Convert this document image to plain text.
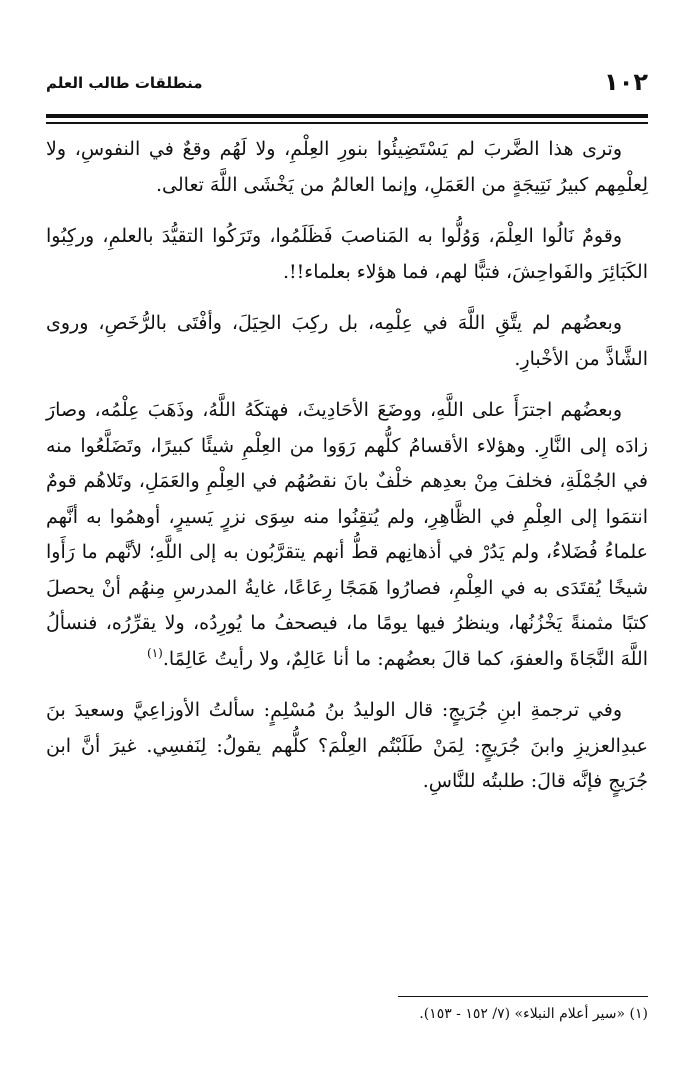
١٠٢
منطلقات طالب العلم

وترى هذا الضَّربَ لم يَسْتَضِيئُوا بنورِ العِلْمِ، ولا لَهُم وقعٌ في النفوسِ، ولا لِعلْمِهم كبيرُ نَتِيجَةٍ من العَمَلِ، وإنما العالمُ من يَخْشَى اللَّهَ تعالى.

وقومٌ نَالُوا العِلْمَ، وَوُلُّوا به المَناصبَ فَظَلَمُوا، وتَرَكُوا التقيُّدَ بالعلمِ، وركِبُوا الكَبَائِرَ والفَواحِشَ، فتبًّا لهم، فما هؤلاء بعلماء!!.

وبعضُهم لم يتَّقِ اللَّهَ في عِلْمِه، بل ركِبَ الحِيَلَ، وأفْتَى بالرُّخَصِ، وروى الشَّاذَّ من الأخْبارِ.

وبعضُهم اجترَأَ على اللَّهِ، ووضَعَ الأحَادِيثَ، فهتكَهُ اللَّهُ، وذَهَبَ عِلْمُه، وصارَ زادَه إلى النَّارِ. وهؤلاء الأقسامُ كلُّهم رَوَوا من العِلْمِ شيئًا كبيرًا، وتَضَلَّعُوا منه في الجُمْلَةِ، فخلفَ مِنْ بعدِهم خلْفٌ بانَ نقصُهُم في العِلْمِ والعَمَلِ، وتَلاهُم قومٌ انتمَوا إلى العِلْمِ في الظَّاهِرِ، ولم يُتقِنُوا منه سِوَى نزرٍ يَسيرٍ، أوهمُوا به أنَّهم علماءُ فُضَلاءُ، ولم يَدُرْ في أذهانِهم قطُّ أنهم يتقرَّبُون به إلى اللَّهِ؛ لأنَّهم ما رَأَوا شيخًا يُقتَدَى به في العِلْمِ، فصارُوا هَمَجًا رِعَاعًا، غايةُ المدرسِ مِنهُم أنْ يحصلَ كتبًا مثمنةً يَخْزُنُها، وينظرُ فيها يومًا ما، فيصحفُ ما يُورِدُه، ولا يقرِّرُه، فنسألُ اللَّهَ النَّجَاةَ والعفوَ، كما قالَ بعضُهم: ما أنا عَالِمٌ، ولا رأيتُ عَالِمًا.$^{(١)}$

وفي ترجمةِ ابنِ جُرَيجٍ: قال الوليدُ بنُ مُسْلِمٍ: سألتُ الأوزاعِيَّ وسعيدَ بنَ عبدِالعزيزِ وابنَ جُرَيجٍ: لِمَنْ طَلَبْتُم العِلْمَ؟ كلُّهم يقولُ: لِنَفسِي. غيرَ أنَّ ابن جُرَيجٍ فإنَّه قالَ: طلبتُه للنَّاسِ.

(١) «سير أعلام النبلاء» (٧/ ١٥٢ - ١٥٣).
